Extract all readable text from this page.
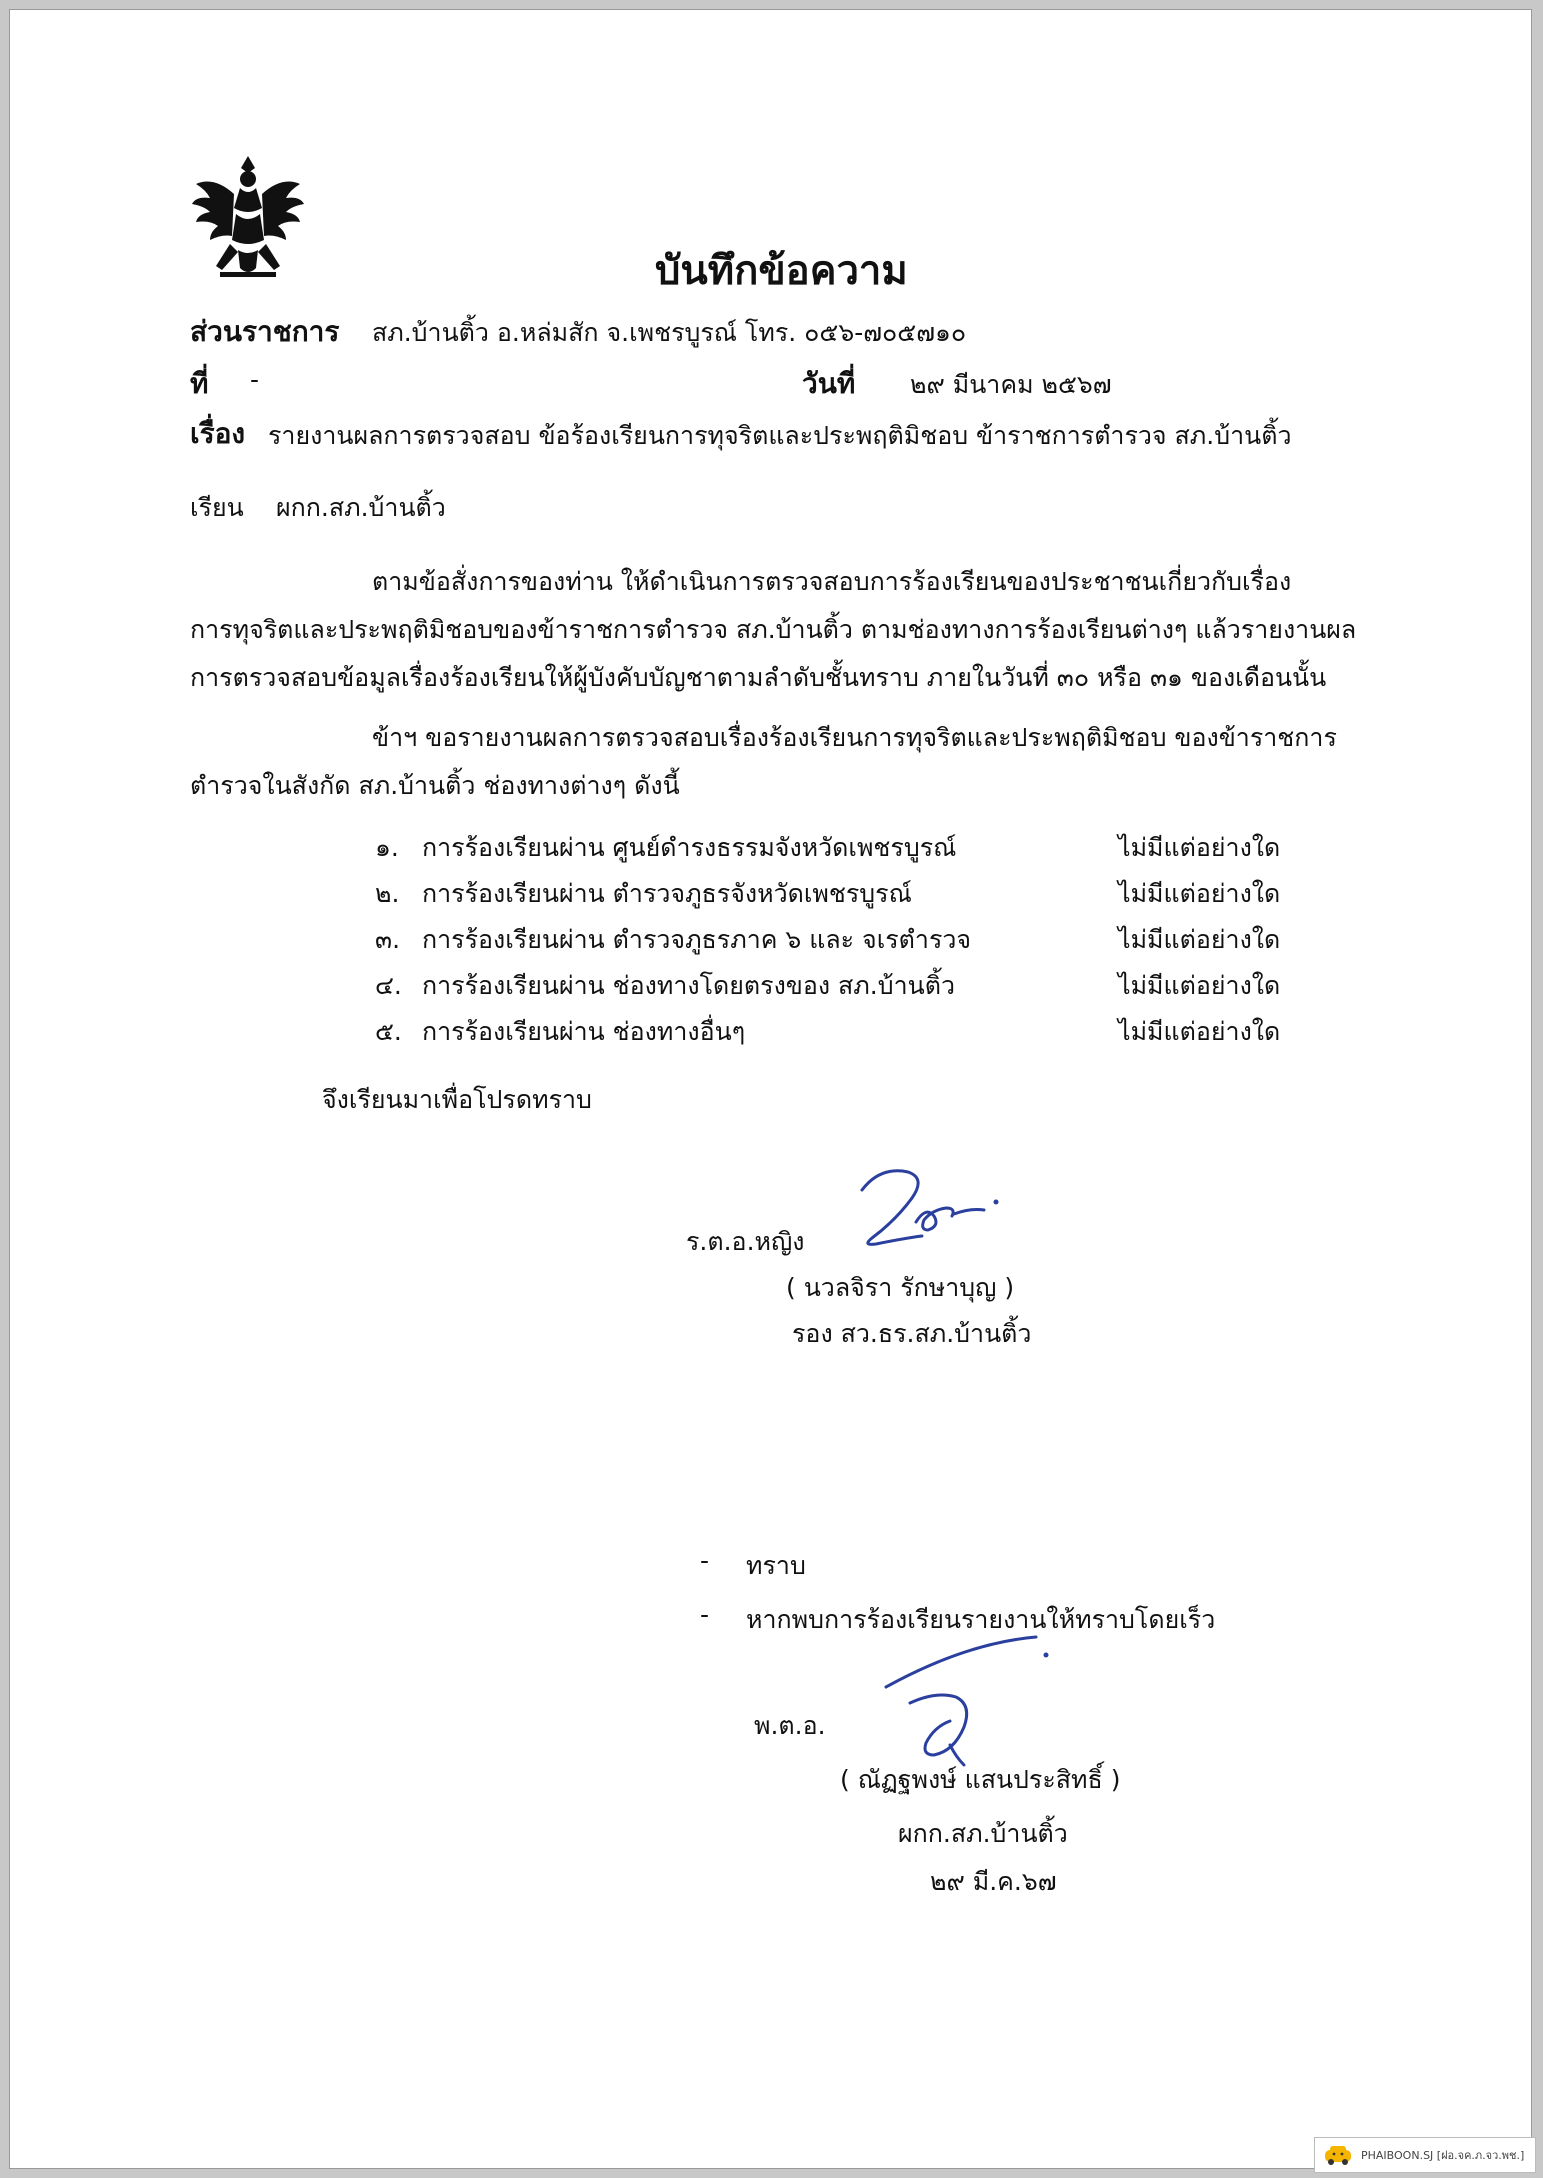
บันทึกข้อความ
ส่วนราชการ สภ.บ้านติ้ว อ.หล่มสัก จ.เพชรบูรณ์ โทร. ๐๕๖-๗๐๕๗๑๐
ที่ -	วันที่ ๒๙ มีนาคม ๒๕๖๗
เรื่อง รายงานผลการตรวจสอบ ข้อร้องเรียนการทุจริตและประพฤติมิชอบ ข้าราชการตำรวจ สภ.บ้านติ้ว
เรียน ผกก.สภ.บ้านติ้ว
ตามข้อสั่งการของท่าน ให้ดำเนินการตรวจสอบการร้องเรียนของประชาชนเกี่ยวกับเรื่อง
การทุจริตและประพฤติมิชอบของข้าราชการตำรวจ สภ.บ้านติ้ว ตามช่องทางการร้องเรียนต่างๆ แล้วรายงานผล
การตรวจสอบข้อมูลเรื่องร้องเรียนให้ผู้บังคับบัญชาตามลำดับชั้นทราบ ภายในวันที่ ๓๐ หรือ ๓๑ ของเดือนนั้น
ข้าฯ ขอรายงานผลการตรวจสอบเรื่องร้องเรียนการทุจริตและประพฤติมิชอบ ของข้าราชการ
ตำรวจในสังกัด สภ.บ้านติ้ว ช่องทางต่างๆ ดังนี้
๑. การร้องเรียนผ่าน ศูนย์ดำรงธรรมจังหวัดเพชรบูรณ์	ไม่มีแต่อย่างใด
๒. การร้องเรียนผ่าน ตำรวจภูธรจังหวัดเพชรบูรณ์	ไม่มีแต่อย่างใด
๓. การร้องเรียนผ่าน ตำรวจภูธรภาค ๖ และ จเรตำรวจ	ไม่มีแต่อย่างใด
๔. การร้องเรียนผ่าน ช่องทางโดยตรงของ สภ.บ้านติ้ว	ไม่มีแต่อย่างใด
๕. การร้องเรียนผ่าน ช่องทางอื่นๆ	ไม่มีแต่อย่างใด
จึงเรียนมาเพื่อโปรดทราบ
ร.ต.อ.หญิง
( นวลจิรา รักษาบุญ )
รอง สว.ธร.สภ.บ้านติ้ว
- ทราบ
- หากพบการร้องเรียนรายงานให้ทราบโดยเร็ว
พ.ต.อ.
( ณัฏฐพงษ์ แสนประสิทธิ์ )
ผกก.สภ.บ้านติ้ว
๒๙ มี.ค.๖๗
PHAIBOON.SJ [ฝอ.จค.ภ.จว.พช.]
